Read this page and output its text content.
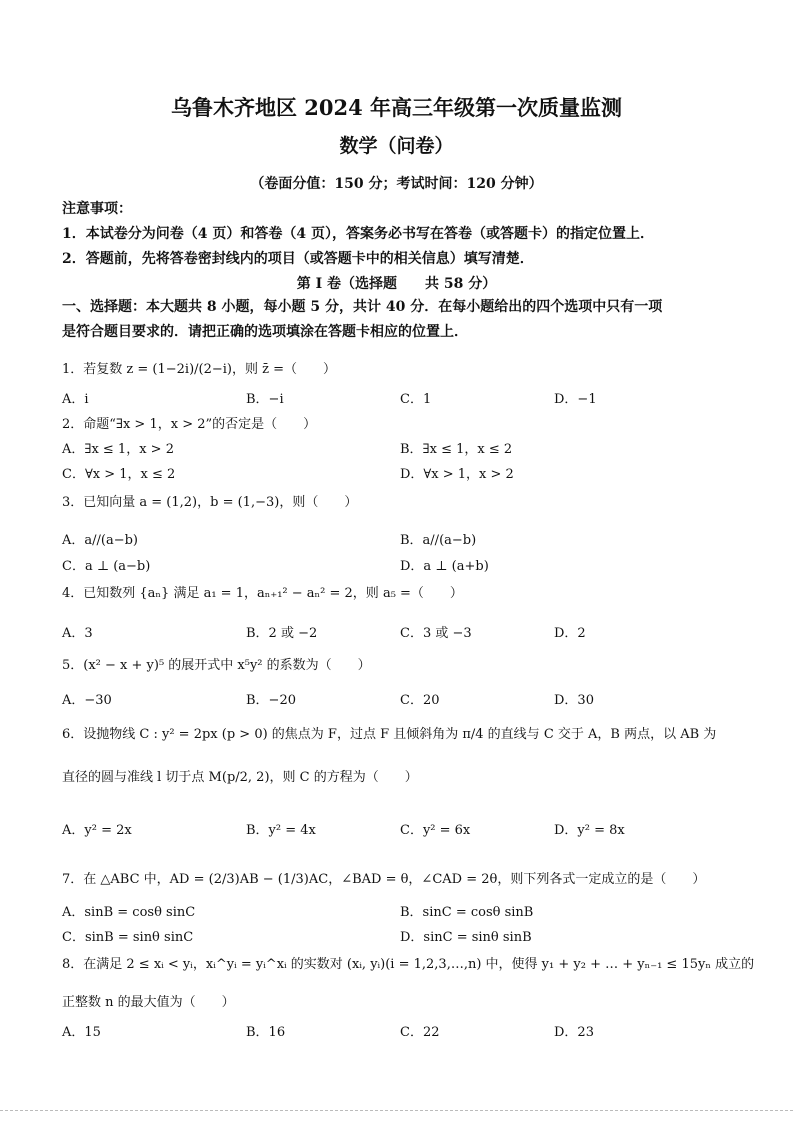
乌鲁木齐地区 2024 年高三年级第一次质量监测
数学（问卷）
（卷面分值：150 分；考试时间：120 分钟）
注意事项：
1．本试卷分为问卷（4 页）和答卷（4 页），答案务必书写在答卷（或答题卡）的指定位置上．
2．答题前，先将答卷密封线内的项目（或答题卡中的相关信息）填写清楚．
第 I 卷（选择题　　共 58 分）
一、选择题：本大题共 8 小题，每小题 5 分，共计 40 分．在每小题给出的四个选项中只有一项
是符合题目要求的．请把正确的选项填涂在答题卡相应的位置上．
1．若复数 z = (1−2i)/(2−i)，则 z̄ =（　　）
A．i	B．−i	C．1	D．−1
2．命题“∃x > 1，x > 2”的否定是（　　）
A．∃x ≤ 1，x > 2	B．∃x ≤ 1，x ≤ 2
C．∀x > 1，x ≤ 2	D．∀x > 1，x > 2
3．已知向量 a = (1,2)，b = (1,−3)，则（　　）
A．a//(a−b)	B．a//(a−b)
C．a ⊥ (a−b)	D．a ⊥ (a+b)
4．已知数列 {aₙ} 满足 a₁ = 1，aₙ₊₁² − aₙ² = 2，则 a₅ =（　　）
A．3	B．2 或 −2	C．3 或 −3	D．2
5．(x² − x + y)⁵ 的展开式中 x⁵y² 的系数为（　　）
A．−30	B．−20	C．20	D．30
6．设抛物线 C : y² = 2px (p > 0) 的焦点为 F，过点 F 且倾斜角为 π/4 的直线与 C 交于 A，B 两点，以 AB 为
直径的圆与准线 l 切于点 M(p/2, 2)，则 C 的方程为（　　）
A．y² = 2x	B．y² = 4x	C．y² = 6x	D．y² = 8x
7．在 △ABC 中，AD = (2/3)AB − (1/3)AC，∠BAD = θ，∠CAD = 2θ，则下列各式一定成立的是（　　）
A．sinB = cosθ sinC	B．sinC = cosθ sinB
C．sinB = sinθ sinC	D．sinC = sinθ sinB
8．在满足 2 ≤ xᵢ < yᵢ，xᵢ^yᵢ = yᵢ^xᵢ 的实数对 (xᵢ, yᵢ)(i = 1,2,3,…,n) 中，使得 y₁ + y₂ + … + yₙ₋₁ ≤ 15yₙ 成立的
正整数 n 的最大值为（　　）
A．15	B．16	C．22	D．23
